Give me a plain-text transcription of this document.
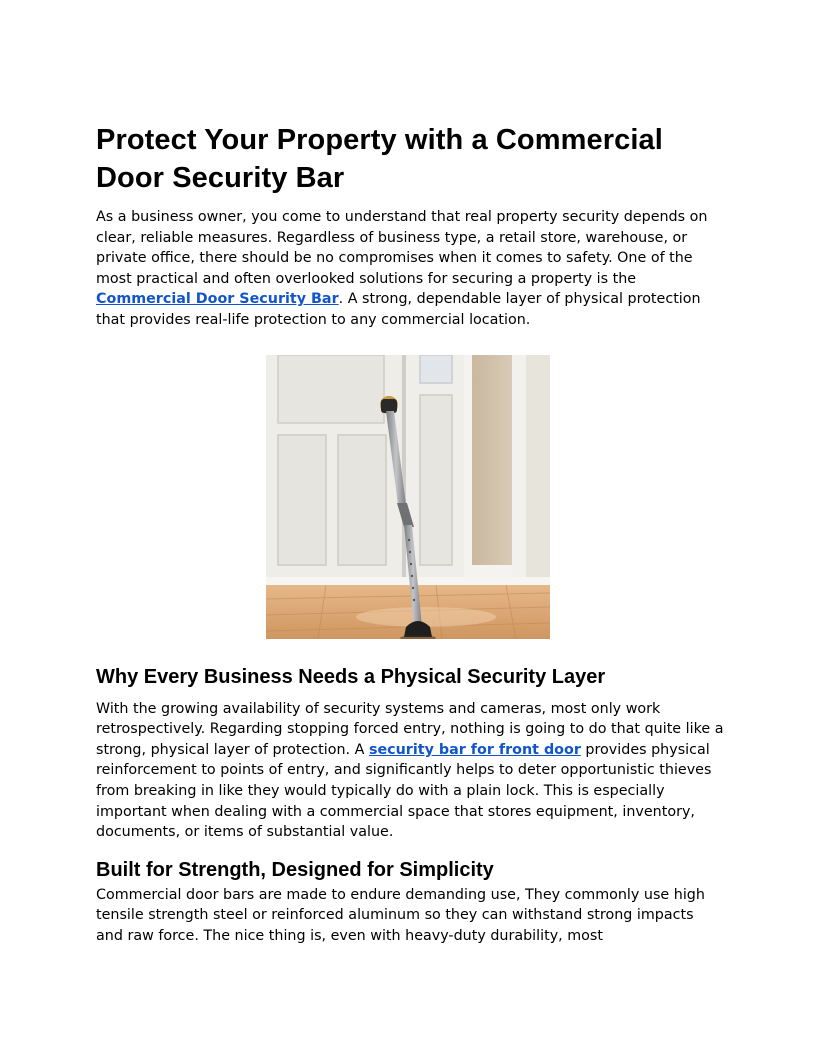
Protect Your Property with a Commercial Door Security Bar

As a business owner, you come to understand that real property security depends on clear, reliable measures. Regardless of business type, a retail store, warehouse, or private office, there should be no compromises when it comes to safety. One of the most practical and often overlooked solutions for securing a property is the Commercial Door Security Bar. A strong, dependable layer of physical protection that provides real-life protection to any commercial location.

Why Every Business Needs a Physical Security Layer

With the growing availability of security systems and cameras, most only work retrospectively. Regarding stopping forced entry, nothing is going to do that quite like a strong, physical layer of protection. A security bar for front door provides physical reinforcement to points of entry, and significantly helps to deter opportunistic thieves from breaking in like they would typically do with a plain lock. This is especially important when dealing with a commercial space that stores equipment, inventory, documents, or items of substantial value.

Built for Strength, Designed for Simplicity

Commercial door bars are made to endure demanding use, They commonly use high tensile strength steel or reinforced aluminum so they can withstand strong impacts and raw force. The nice thing is, even with heavy-duty durability, most
